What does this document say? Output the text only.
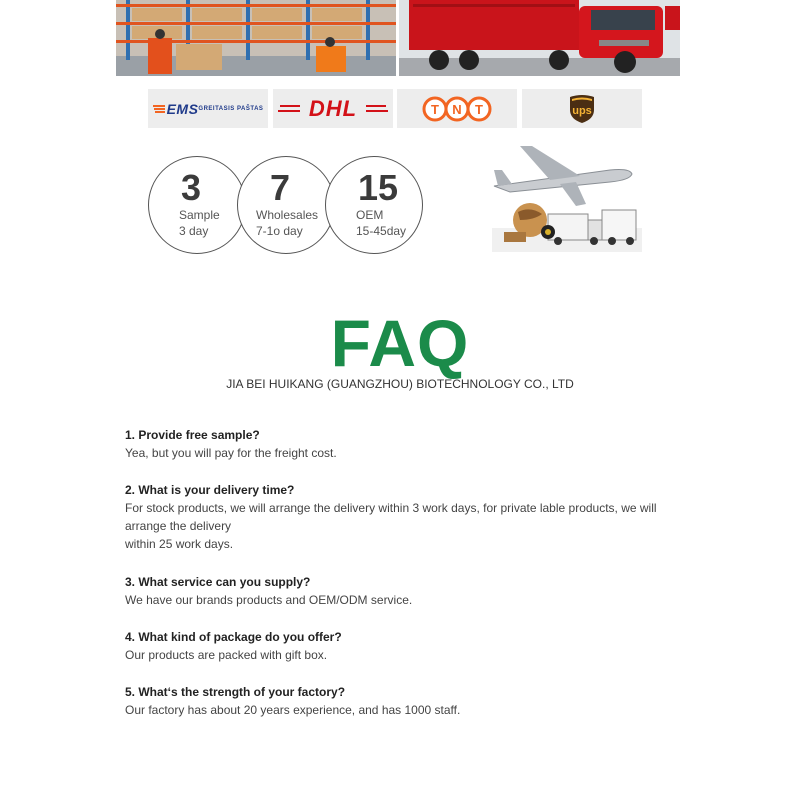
EMS GREITASIS PAŠTAS DHL	T N T	ups
3
Sample
3 day
7
Wholesales
7-1o day
15
OEM
15-45day
FAQ
JIA BEI HUIKANG (GUANGZHOU) BIOTECHNOLOGY CO., LTD
1. Provide free sample?
Yea, but you will pay for the freight cost.
2. What is your delivery time?
For stock products, we will arrange the delivery within 3 work days, for private lable products, we will arrange the delivery
within 25 work days.
3. What service can you supply?
We have our brands products and OEM/ODM service.
4. What kind of package do you offer?
Our products are packed with gift box.
5. What‘s the strength of your factory?
Our factory has about 20 years experience, and has 1000 staff.
